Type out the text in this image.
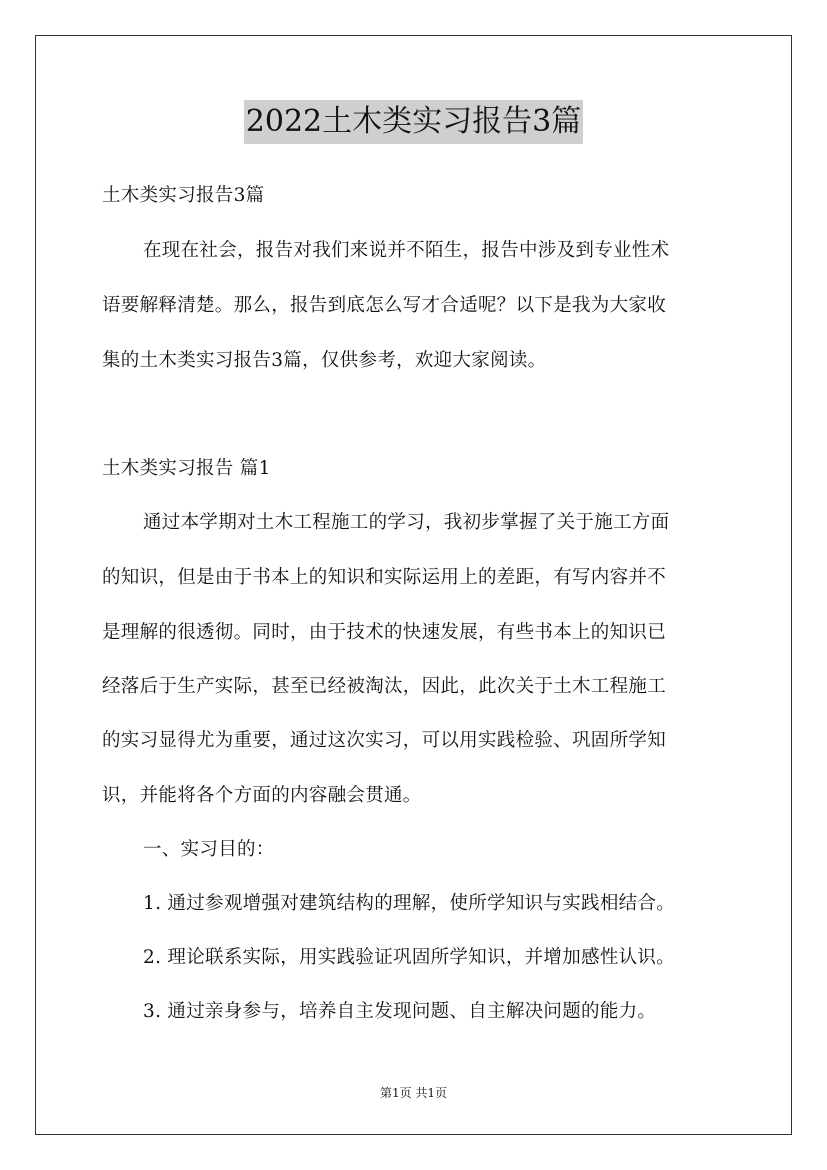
2022土木类实习报告3篇
土木类实习报告3篇
在现在社会，报告对我们来说并不陌生，报告中涉及到专业性术
语要解释清楚。那么，报告到底怎么写才合适呢？以下是我为大家收
集的土木类实习报告3篇，仅供参考，欢迎大家阅读。
土木类实习报告 篇1
通过本学期对土木工程施工的学习，我初步掌握了关于施工方面
的知识，但是由于书本上的知识和实际运用上的差距，有写内容并不
是理解的很透彻。同时，由于技术的快速发展，有些书本上的知识已
经落后于生产实际，甚至已经被淘汰，因此，此次关于土木工程施工
的实习显得尤为重要，通过这次实习，可以用实践检验、巩固所学知
识，并能将各个方面的内容融会贯通。
一、实习目的：
1. 通过参观增强对建筑结构的理解，使所学知识与实践相结合。
2. 理论联系实际，用实践验证巩固所学知识，并增加感性认识。
3. 通过亲身参与，培养自主发现问题、自主解决问题的能力。
第1页 共1页
